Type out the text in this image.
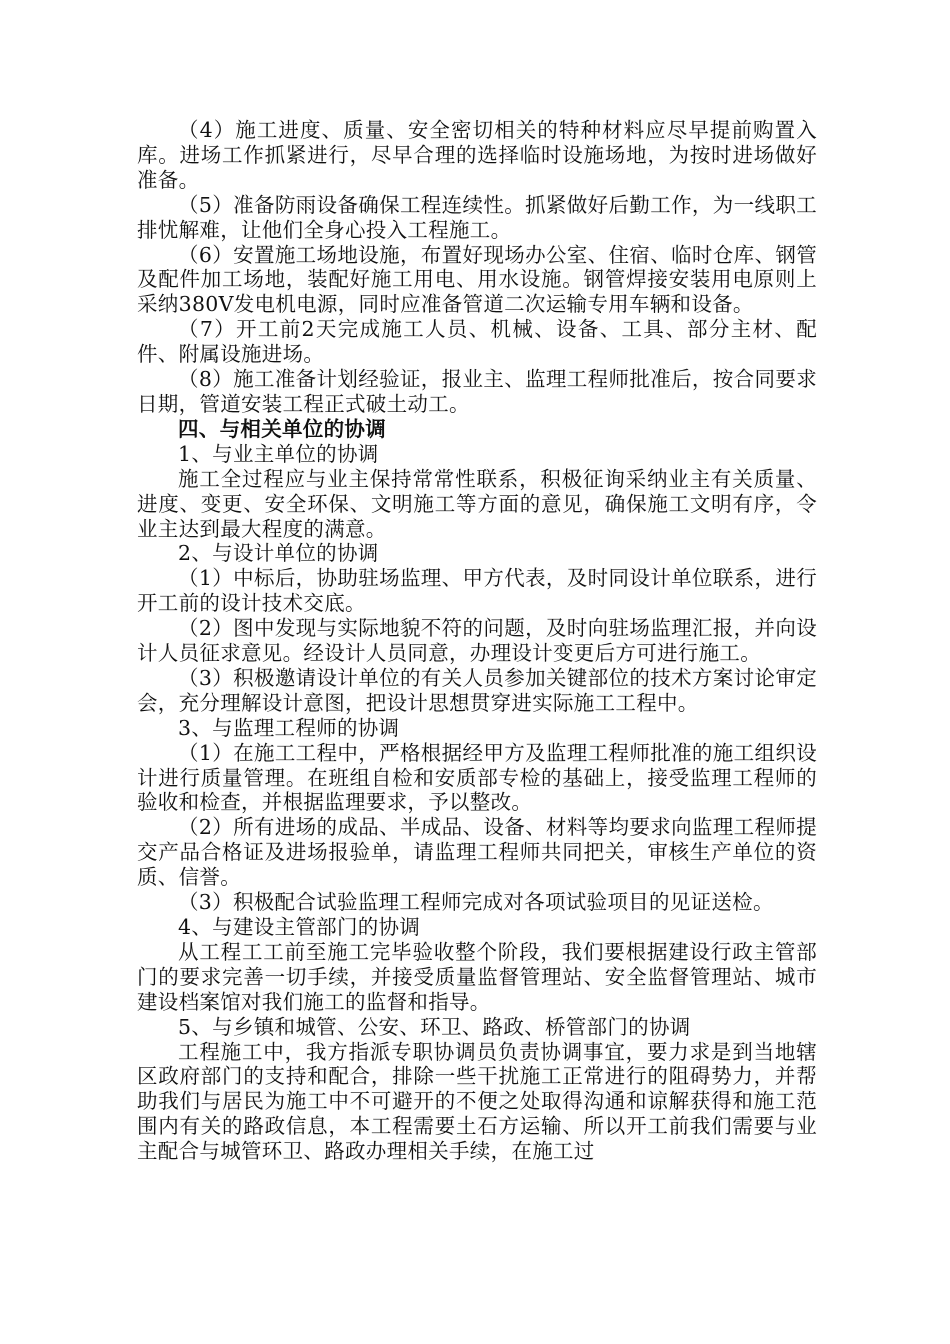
（4）施工进度、质量、安全密切相关的特种材料应尽早提前购置入库。进场工作抓紧进行，尽早合理的选择临时设施场地，为按时进场做好准备。

（5）准备防雨设备确保工程连续性。抓紧做好后勤工作，为一线职工排忧解难，让他们全身心投入工程施工。

（6）安置施工场地设施，布置好现场办公室、住宿、临时仓库、钢管及配件加工场地，装配好施工用电、用水设施。钢管焊接安装用电原则上采纳380V发电机电源，同时应准备管道二次运输专用车辆和设备。

（7）开工前2天完成施工人员、机械、设备、工具、部分主材、配件、附属设施进场。

（8）施工准备计划经验证，报业主、监理工程师批准后，按合同要求日期，管道安装工程正式破土动工。

四、与相关单位的协调

1、与业主单位的协调

施工全过程应与业主保持常常性联系，积极征询采纳业主有关质量、进度、变更、安全环保、文明施工等方面的意见，确保施工文明有序，令业主达到最大程度的满意。

2、与设计单位的协调

（1）中标后，协助驻场监理、甲方代表，及时同设计单位联系，进行开工前的设计技术交底。

（2）图中发现与实际地貌不符的问题，及时向驻场监理汇报，并向设计人员征求意见。经设计人员同意，办理设计变更后方可进行施工。

（3）积极邀请设计单位的有关人员参加关键部位的技术方案讨论审定会，充分理解设计意图，把设计思想贯穿进实际施工工程中。

3、与监理工程师的协调

（1）在施工工程中，严格根据经甲方及监理工程师批准的施工组织设计进行质量管理。在班组自检和安质部专检的基础上，接受监理工程师的验收和检查，并根据监理要求，予以整改。

（2）所有进场的成品、半成品、设备、材料等均要求向监理工程师提交产品合格证及进场报验单，请监理工程师共同把关，审核生产单位的资质、信誉。

（3）积极配合试验监理工程师完成对各项试验项目的见证送检。

4、与建设主管部门的协调

从工程工工前至施工完毕验收整个阶段，我们要根据建设行政主管部门的要求完善一切手续，并接受质量监督管理站、安全监督管理站、城市建设档案馆对我们施工的监督和指导。

5、与乡镇和城管、公安、环卫、路政、桥管部门的协调

工程施工中，我方指派专职协调员负责协调事宜，要力求是到当地辖区政府部门的支持和配合，排除一些干扰施工正常进行的阻碍势力，并帮助我们与居民为施工中不可避开的不便之处取得沟通和谅解获得和施工范围内有关的路政信息，本工程需要土石方运输、所以开工前我们需要与业主配合与城管环卫、路政办理相关手续，在施工过
